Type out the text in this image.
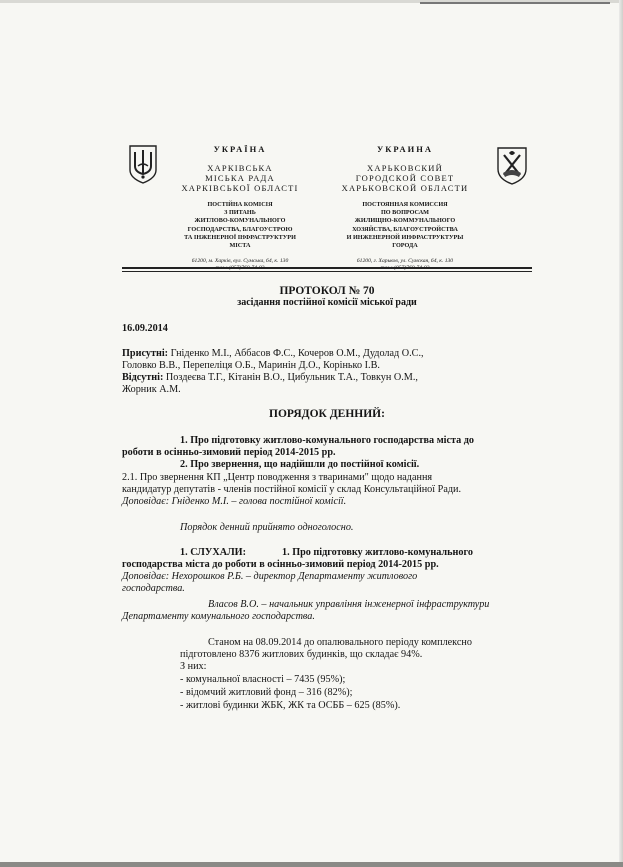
УКРАЇНА
ХАРКІВСЬКА
МІСЬКА РАДА
ХАРКІВСЬКОЇ ОБЛАСТІ
ПОСТІЙНА КОМІСІЯ
З ПИТАНЬ
ЖИТЛОВО-КОМУНАЛЬНОГО
ГОСПОДАРСТВА, БЛАГОУСТРОЮ
ТА ІНЖЕНЕРНОЇ ІНФРАСТРУКТУРИ
МІСТА
61200, м. Харків, вул. Сумська, 64, к. 130
УКРАИНА
ХАРЬКОВСКИЙ
ГОРОДСКОЙ СОВЕТ
ХАРЬКОВСКОЙ ОБЛАСТИ
ПОСТОЯННАЯ КОМИССИЯ
ПО ВОПРОСАМ
ЖИЛИЩНО-КОММУНАЛЬНОГО
ХОЗЯЙСТВА, БЛАГОУСТРОЙСТВА
И ИНЖЕНЕРНОЙ ИНФРАСТРУКТУРЫ
ГОРОДА
61200, г. Харьков, ул. Сумская, 64, к. 130
ПРОТОКОЛ № 70
засідання постійної комісії міської ради
16.09.2014
Присутні: Гніденко М.І., Аббасов Ф.С., Кочеров О.М., Дудолад О.С.,
Головко В.В., Перепеліця О.Б., Маринін Д.О., Корінько І.В.
Відсутні: Поздеєва Т.Г., Кітанін В.О., Цибульник Т.А., Товкун О.М.,
Жорник А.М.
ПОРЯДОК ДЕННИЙ:
1. Про підготовку житлово-комунального господарства міста до
роботи в осінньо-зимовий період 2014-2015 рр.
2. Про звернення, що надійшли до постійної комісії.
2.1. Про звернення КП „Центр поводження з тваринами" щодо надання
кандидатур депутатів - членів постійної комісії у склад Консультаційної Ради.
Доповідає: Гніденко М.І. – голова постійної комісії.
Порядок денний прийнято одноголосно.
1. СЛУХАЛИ:	1. Про підготовку житлово-комунального
господарства міста до роботи в осінньо-зимовий період 2014-2015 рр.
Доповідає: Нехорошков Р.Б. – директор Департаменту житлового
господарства.
Власов В.О. – начальник управління інженерної інфраструктури
Департаменту комунального господарства.
Станом на 08.09.2014 до опалювального періоду комплексно
підготовлено 8376 житлових будинків, що складає 94%.
З них:
- комунальної власності – 7435 (95%);
- відомчий житловий фонд – 316 (82%);
- житлові будинки ЖБК, ЖК та ОСББ – 625 (85%).
